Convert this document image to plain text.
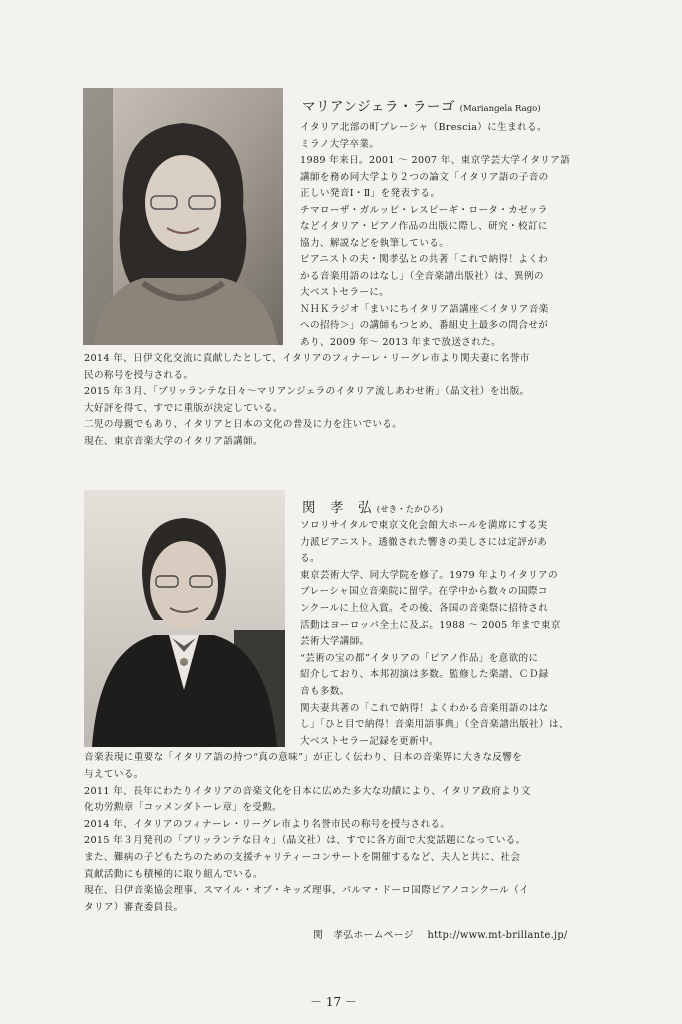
マリアンジェラ・ラーゴ (Mariangela Rago)
イタリア北部の町ブレーシャ（Brescia）に生まれる。
ミラノ大学卒業。
1989 年来日。2001 ～ 2007 年、東京学芸大学イタリア語
講師を務め同大学より２つの論文「イタリア語の子音の
正しい発音Ⅰ・Ⅱ」を発表する。
チマローザ・ガルッピ・レスピーギ・ロータ・カゼッラ
などイタリア・ピアノ作品の出版に際し、研究・校訂に
協力、解説などを執筆している。
ピアニストの夫・関孝弘との共著「これで納得！よくわ
かる音楽用語のはなし」（全音楽譜出版社）は、異例の
大ベストセラーに。
ＮＨＫラジオ「まいにちイタリア語講座＜イタリア音楽
への招待＞」の講師もつとめ、番組史上最多の問合せが
あり、2009 年～ 2013 年まで放送された。
2014 年、日伊文化交流に貢献したとして、イタリアのフィナーレ・リーグレ市より関夫妻に名誉市
民の称号を授与される。
2015 年３月、「ブリッランテな日々～マリアンジェラのイタリア流しあわせ術」（晶文社）を出版。
大好評を得て、すでに重版が決定している。
二児の母親でもあり、イタリアと日本の文化の普及に力を注いでいる。
現在、東京音楽大学のイタリア語講師。
関　孝　弘 (せき・たかひろ)
ソロリサイタルで東京文化会館大ホールを満席にする実
力派ピアニスト。透徹された響きの美しさには定評があ
る。
東京芸術大学、同大学院を修了。1979 年よりイタリアの
ブレーシャ国立音楽院に留学。在学中から数々の国際コ
ンクールに上位入賞。その後、各国の音楽祭に招待され
活動はヨーロッパ全土に及ぶ。1988 ～ 2005 年まで東京
芸術大学講師。
“芸術の宝の都”イタリアの「ピアノ作品」を意欲的に
紹介しており、本邦初演は多数。監修した楽譜、ＣＤ録
音も多数。
関夫妻共著の「これで納得！よくわかる音楽用語のはな
し」「ひと目で納得！音楽用語事典」（全音楽譜出版社）は、
大ベストセラー記録を更新中。
音楽表現に重要な「イタリア語の持つ“真の意味”」が正しく伝わり、日本の音楽界に大きな反響を
与えている。
2011 年、長年にわたりイタリアの音楽文化を日本に広めた多大な功績により、イタリア政府より文
化功労勲章「コッメンダトーレ章」を受勲。
2014 年、イタリアのフィナーレ・リーグレ市より名誉市民の称号を授与される。
2015 年３月発刊の「ブリッランテな日々」（晶文社）は、すでに各方面で大変話題になっている。
また、難病の子どもたちのための支援チャリティーコンサートを開催するなど、夫人と共に、社会
貢献活動にも積極的に取り組んでいる。
現在、日伊音楽協会理事、スマイル・オブ・キッズ理事、パルマ・ドーロ国際ピアノコンクール（イ
タリア）審査委員長。
関　孝弘ホームページ http://www.mt-brillante.jp/
－ 17 －
